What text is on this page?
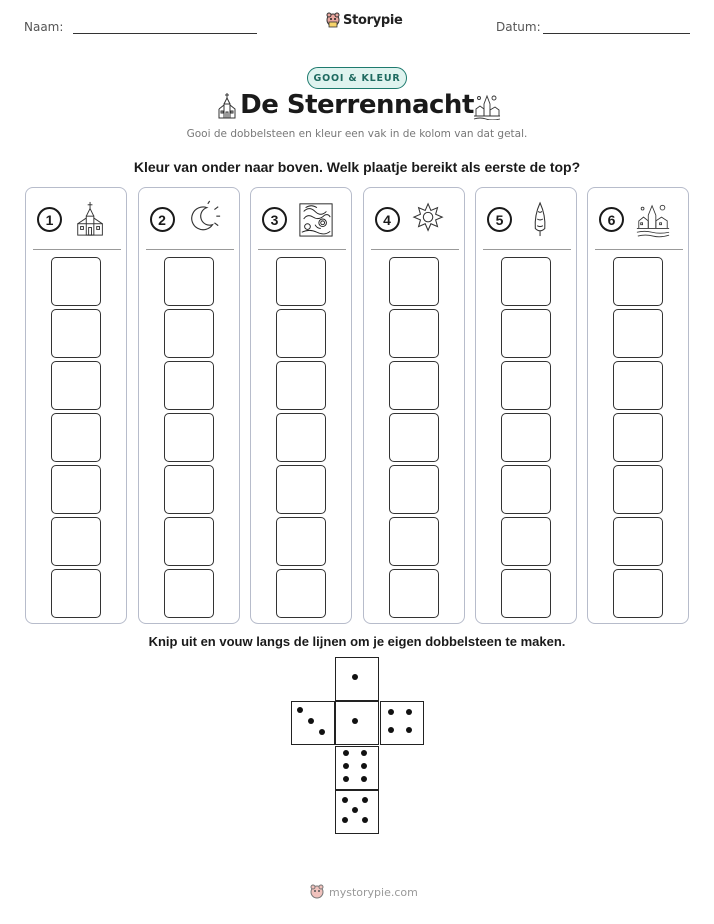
Naam:	Storypie	Datum:
GOOI & KLEUR
De Sterrennacht
Gooi de dobbelsteen en kleur een vak in de kolom van dat getal.
Kleur van onder naar boven. Welk plaatje bereikt als eerste de top?
1	2	3	4	5	6
Knip uit en vouw langs de lijnen om je eigen dobbelsteen te maken.
mystorypie.com
